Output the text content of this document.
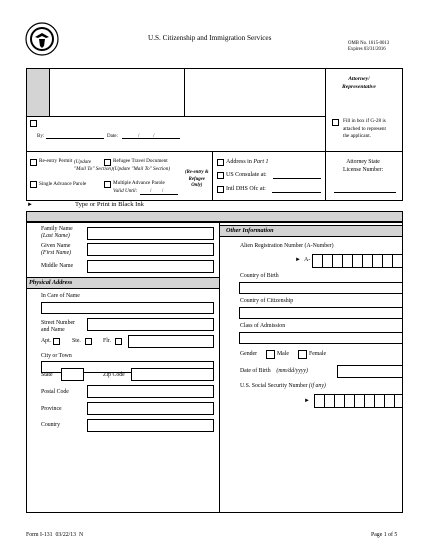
U.S. Citizenship and Immigration Services
OMB No. 1615-0013
Expires 03/31/2016
Attorney/
Representative
By:	Date:	/           /
Fill in box if G-28 is
attached to represent
the applicant.
Re-entry Permit (Update
"Mail To" Section)
Refugee Travel Document
(Update "Mail To" Section)
Single Advance Parole	Multiple Advance Parole
Valid Until: /        /
(Re-entry &
Refugee
Only)
Address in Part 1
US Consulate at:
Intl DHS Ofc at:
Attorney State
License Number:
►	Type or Print in Black Ink
Family Name
(Last Name)
Given Name
(First Name)
Middle Name
Physical Address
In Care of Name
Street Number
and Name
Apt.	Ste.	Flr.
City or Town
State	Zip Code
Postal Code
Province
Country
Other Information
Alien Registration Number (A-Number)
► A-
Country of Birth
Country of Citizenship
Class of Admission
Gender	Male	Female
Date of Birth (mm/dd/yyyy)
U.S. Social Security Number (if any)
►
Form I-131  03/22/13  N	Page 1 of 5
